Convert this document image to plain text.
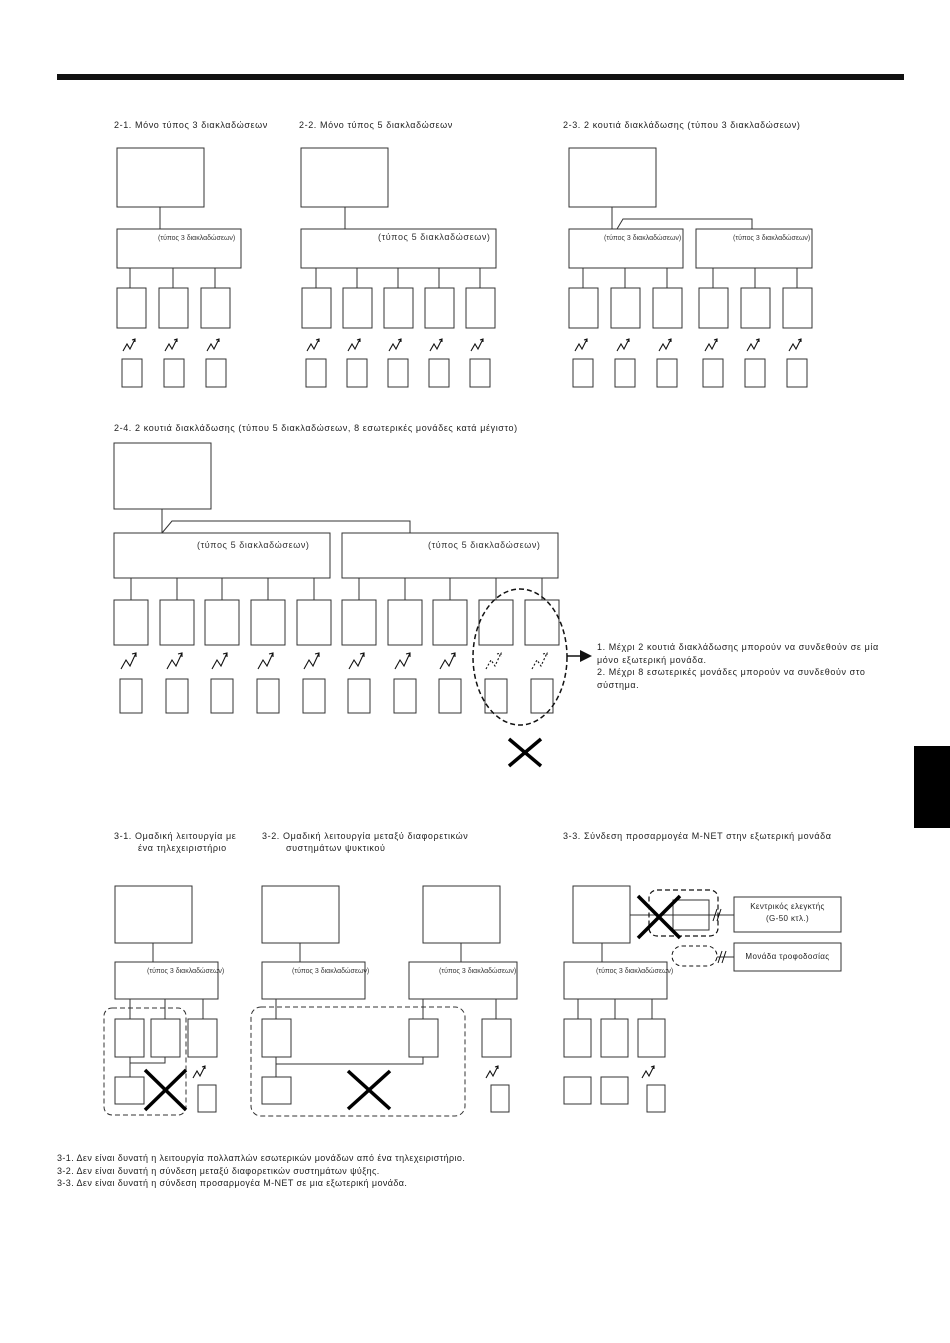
(τύπος 3 διακλαδώσεων)	(τύπος 3 διακλαδώσεων)	(τύπος 3 διακλαδώσεων)
(τύπος 3 διακλαδώσεων)	(τύπος 3 διακλαδώσεων)	(τύπος 3 διακλαδώσεων)	(τύπος 3 διακλαδώσεων)
(τύπος 5 διακλαδώσεων)
(τύπος 5 διακλαδώσεων)	(τύπος 5 διακλαδώσεων)
2-1. Μόνο τύπος 3 διακλαδώσεων	2-2. Μόνο τύπος 5 διακλαδώσεων	2-3. 2 κουτιά διακλάδωσης (τύπου 3 διακλαδώσεων)
2-4. 2 κουτιά διακλάδωσης (τύπου 5 διακλαδώσεων, 8 εσωτερικές μονάδες κατά μέγιστο)
3-1. Ομαδική λειτουργία με
ένα τηλεχειριστήριο
3-2. Ομαδική λειτουργία μεταξύ διαφορετικών
συστημάτων ψυκτικού
3-3. Σύνδεση προσαρμογέα M-NET στην εξωτερική μονάδα
1. Μέχρι 2 κουτιά διακλάδωσης μπορούν να συνδεθούν σε μία
μόνο εξωτερική μονάδα.
2. Μέχρι 8 εσωτερικές μονάδες μπορούν να συνδεθούν στο
σύστημα.
Κεντρικός ελεγκτής
(G-50 κτλ.)
Μονάδα τροφοδοσίας
3-1. Δεν είναι δυνατή η λειτουργία πολλαπλών εσωτερικών μονάδων από ένα τηλεχειριστήριο.
3-2. Δεν είναι δυνατή η σύνδεση μεταξύ διαφορετικών συστημάτων ψύξης.
3-3. Δεν είναι δυνατή η σύνδεση προσαρμογέα M-NET σε μια εξωτερική μονάδα.
